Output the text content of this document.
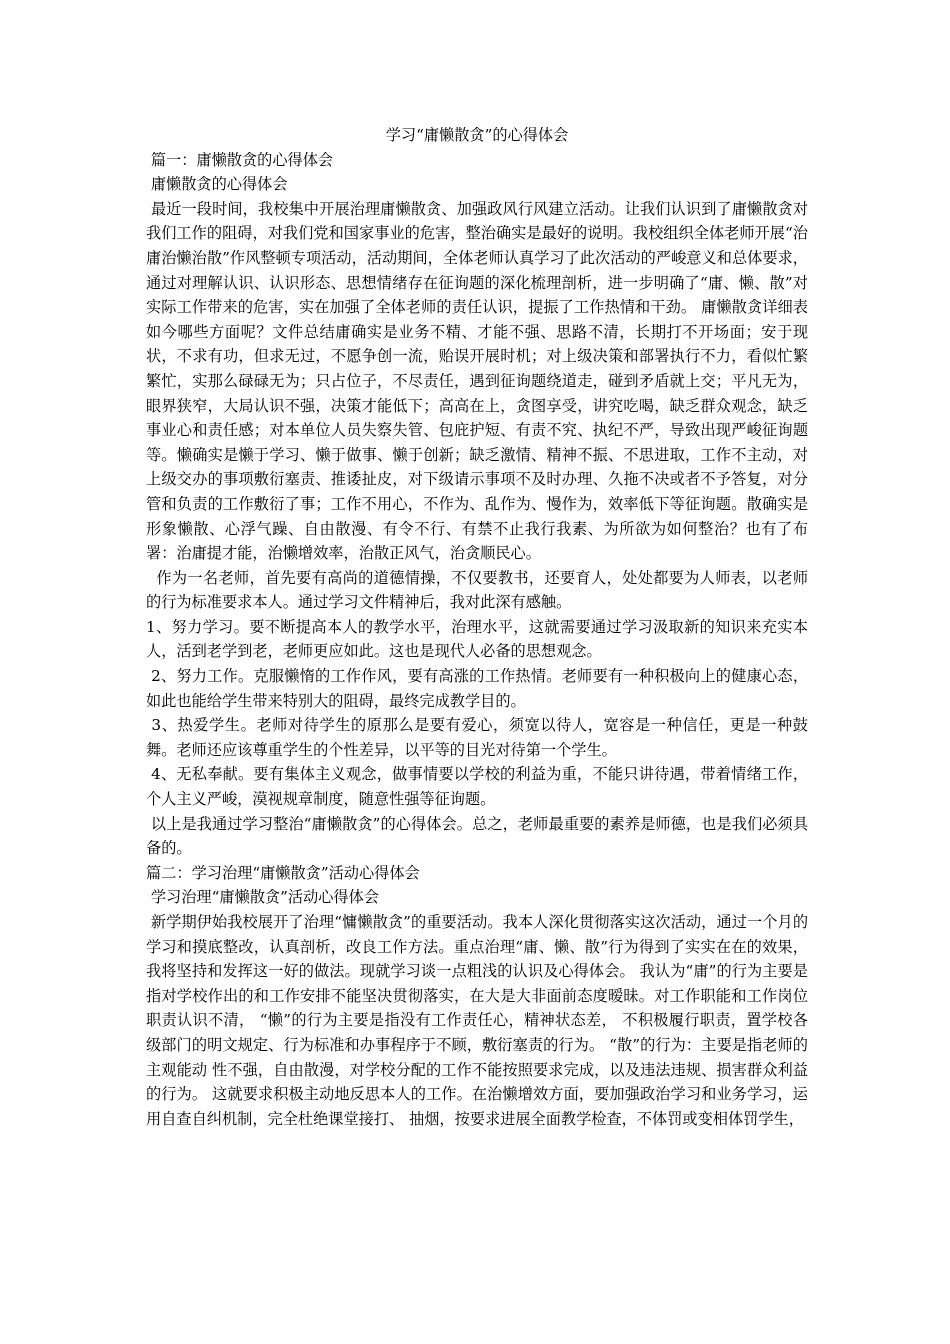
学习“庸懒散贪”的心得体会

篇一：庸懒散贪的心得体会

庸懒散贪的心得体会

最近一段时间，我校集中开展治理庸懒散贪、加强政风行风建立活动。让我们认识到了庸懒散贪对我们工作的阻碍，对我们党和国家事业的危害，整治确实是最好的说明。我校组织全体老师开展“治庸治懒治散”作风整顿专项活动，活动期间，全体老师认真学习了此次活动的严峻意义和总体要求，通过对理解认识、认识形态、思想情绪存在征询题的深化梳理剖析，进一步明确了“庸、懒、散”对实际工作带来的危害，实在加强了全体老师的责任认识，提振了工作热情和干劲。 庸懒散贪详细表如今哪些方面呢？文件总结庸确实是业务不精、才能不强、思路不清，长期打不开场面；安于现状，不求有功，但求无过，不愿争创一流，贻误开展时机；对上级决策和部署执行不力，看似忙繁繁忙，实那么碌碌无为；只占位子，不尽责任，遇到征询题绕道走，碰到矛盾就上交；平凡无为，眼界狭窄，大局认识不强，决策才能低下；高高在上，贪图享受，讲究吃喝，缺乏群众观念，缺乏事业心和责任感；对本单位人员失察失管、包庇护短、有责不究、执纪不严，导致出现严峻征询题等。懒确实是懒于学习、懒于做事、懒于创新；缺乏激情、精神不振、不思进取，工作不主动，对上级交办的事项敷衍塞责、推诿扯皮，对下级请示事项不及时办理、久拖不决或者不予答复，对分管和负责的工作敷衍了事；工作不用心，不作为、乱作为、慢作为，效率低下等征询题。散确实是形象懒散、心浮气躁、自由散漫、有令不行、有禁不止我行我素、为所欲为如何整治？也有了布署：治庸提才能，治懒增效率，治散正风气，治贪顺民心。

作为一名老师，首先要有高尚的道德情操，不仅要教书，还要育人，处处都要为人师表，以老师的行为标准要求本人。通过学习文件精神后，我对此深有感触。

1、努力学习。要不断提高本人的教学水平，治理水平，这就需要通过学习汲取新的知识来充实本人，活到老学到老，老师更应如此。这也是现代人必备的思想观念。

2、努力工作。克服懒惰的工作作风，要有高涨的工作热情。老师要有一种积极向上的健康心态，如此也能给学生带来特别大的阻碍，最终完成教学目的。

3、热爱学生。老师对待学生的原那么是要有爱心，须宽以待人，宽容是一种信任，更是一种鼓舞。老师还应该尊重学生的个性差异，以平等的目光对待第一个学生。

4、无私奉献。要有集体主义观念，做事情要以学校的利益为重，不能只讲待遇，带着情绪工作，个人主义严峻，漠视规章制度，随意性强等征询题。

以上是我通过学习整治“庸懒散贪”的心得体会。总之，老师最重要的素养是师德，也是我们必须具备的。

篇二：学习治理“庸懒散贪”活动心得体会

学习治理“庸懒散贪”活动心得体会

新学期伊始我校展开了治理“慵懒散贪”的重要活动。我本人深化贯彻落实这次活动，通过一个月的学习和摸底整改，认真剖析，改良工作方法。重点治理“庸、懒、散”行为得到了实实在在的效果，我将坚持和发挥这一好的做法。现就学习谈一点粗浅的认识及心得体会。 我认为“庸”的行为主要是指对学校作出的和工作安排不能坚决贯彻落实，在大是大非面前态度暧昧。对工作职能和工作岗位职责认识不清， “懒”的行为主要是指没有工作责任心，精神状态差， 不积极履行职责，置学校各级部门的明文规定、行为标准和办事程序于不顾，敷衍塞责的行为。 “散”的行为：主要是指老师的主观能动 性不强，自由散漫，对学校分配的工作不能按照要求完成，以及违法违规、损害群众利益的行为。 这就要求积极主动地反思本人的工作。在治懒增效方面，要加强政治学习和业务学习，运用自查自纠机制，完全杜绝课堂接打、 抽烟，按要求进展全面教学检查，不体罚或变相体罚学生，
